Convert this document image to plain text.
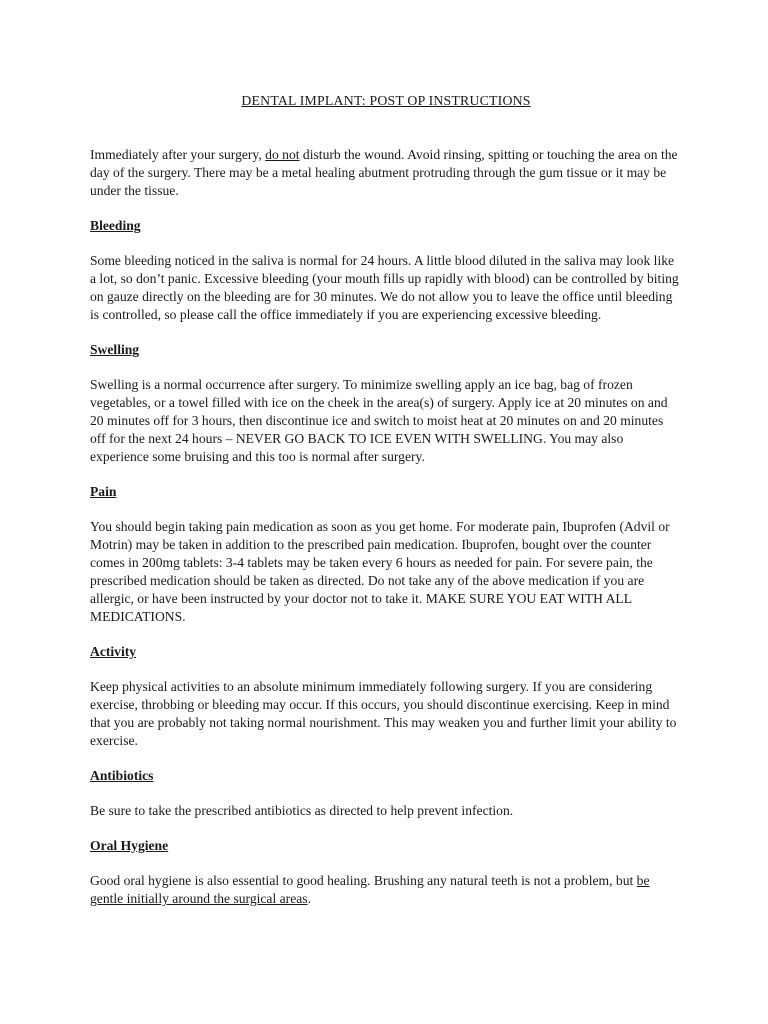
DENTAL IMPLANT: POST OP INSTRUCTIONS

Immediately after your surgery, do not disturb the wound. Avoid rinsing, spitting or touching the area on the day of the surgery. There may be a metal healing abutment protruding through the gum tissue or it may be under the tissue.

Bleeding

Some bleeding noticed in the saliva is normal for 24 hours. A little blood diluted in the saliva may look like a lot, so don’t panic. Excessive bleeding (your mouth fills up rapidly with blood) can be controlled by biting on gauze directly on the bleeding are for 30 minutes. We do not allow you to leave the office until bleeding is controlled, so please call the office immediately if you are experiencing excessive bleeding.

Swelling

Swelling is a normal occurrence after surgery. To minimize swelling apply an ice bag, bag of frozen vegetables, or a towel filled with ice on the cheek in the area(s) of surgery. Apply ice at 20 minutes on and 20 minutes off for 3 hours, then discontinue ice and switch to moist heat at 20 minutes on and 20 minutes off for the next 24 hours – NEVER GO BACK TO ICE EVEN WITH SWELLING. You may also experience some bruising and this too is normal after surgery.

Pain

You should begin taking pain medication as soon as you get home. For moderate pain, Ibuprofen (Advil or Motrin) may be taken in addition to the prescribed pain medication. Ibuprofen, bought over the counter comes in 200mg tablets: 3-4 tablets may be taken every 6 hours as needed for pain. For severe pain, the prescribed medication should be taken as directed. Do not take any of the above medication if you are allergic, or have been instructed by your doctor not to take it. MAKE SURE YOU EAT WITH ALL MEDICATIONS.

Activity

Keep physical activities to an absolute minimum immediately following surgery. If you are considering exercise, throbbing or bleeding may occur. If this occurs, you should discontinue exercising. Keep in mind that you are probably not taking normal nourishment. This may weaken you and further limit your ability to exercise.

Antibiotics

Be sure to take the prescribed antibiotics as directed to help prevent infection.

Oral Hygiene

Good oral hygiene is also essential to good healing. Brushing any natural teeth is not a problem, but be gentle initially around the surgical areas.
